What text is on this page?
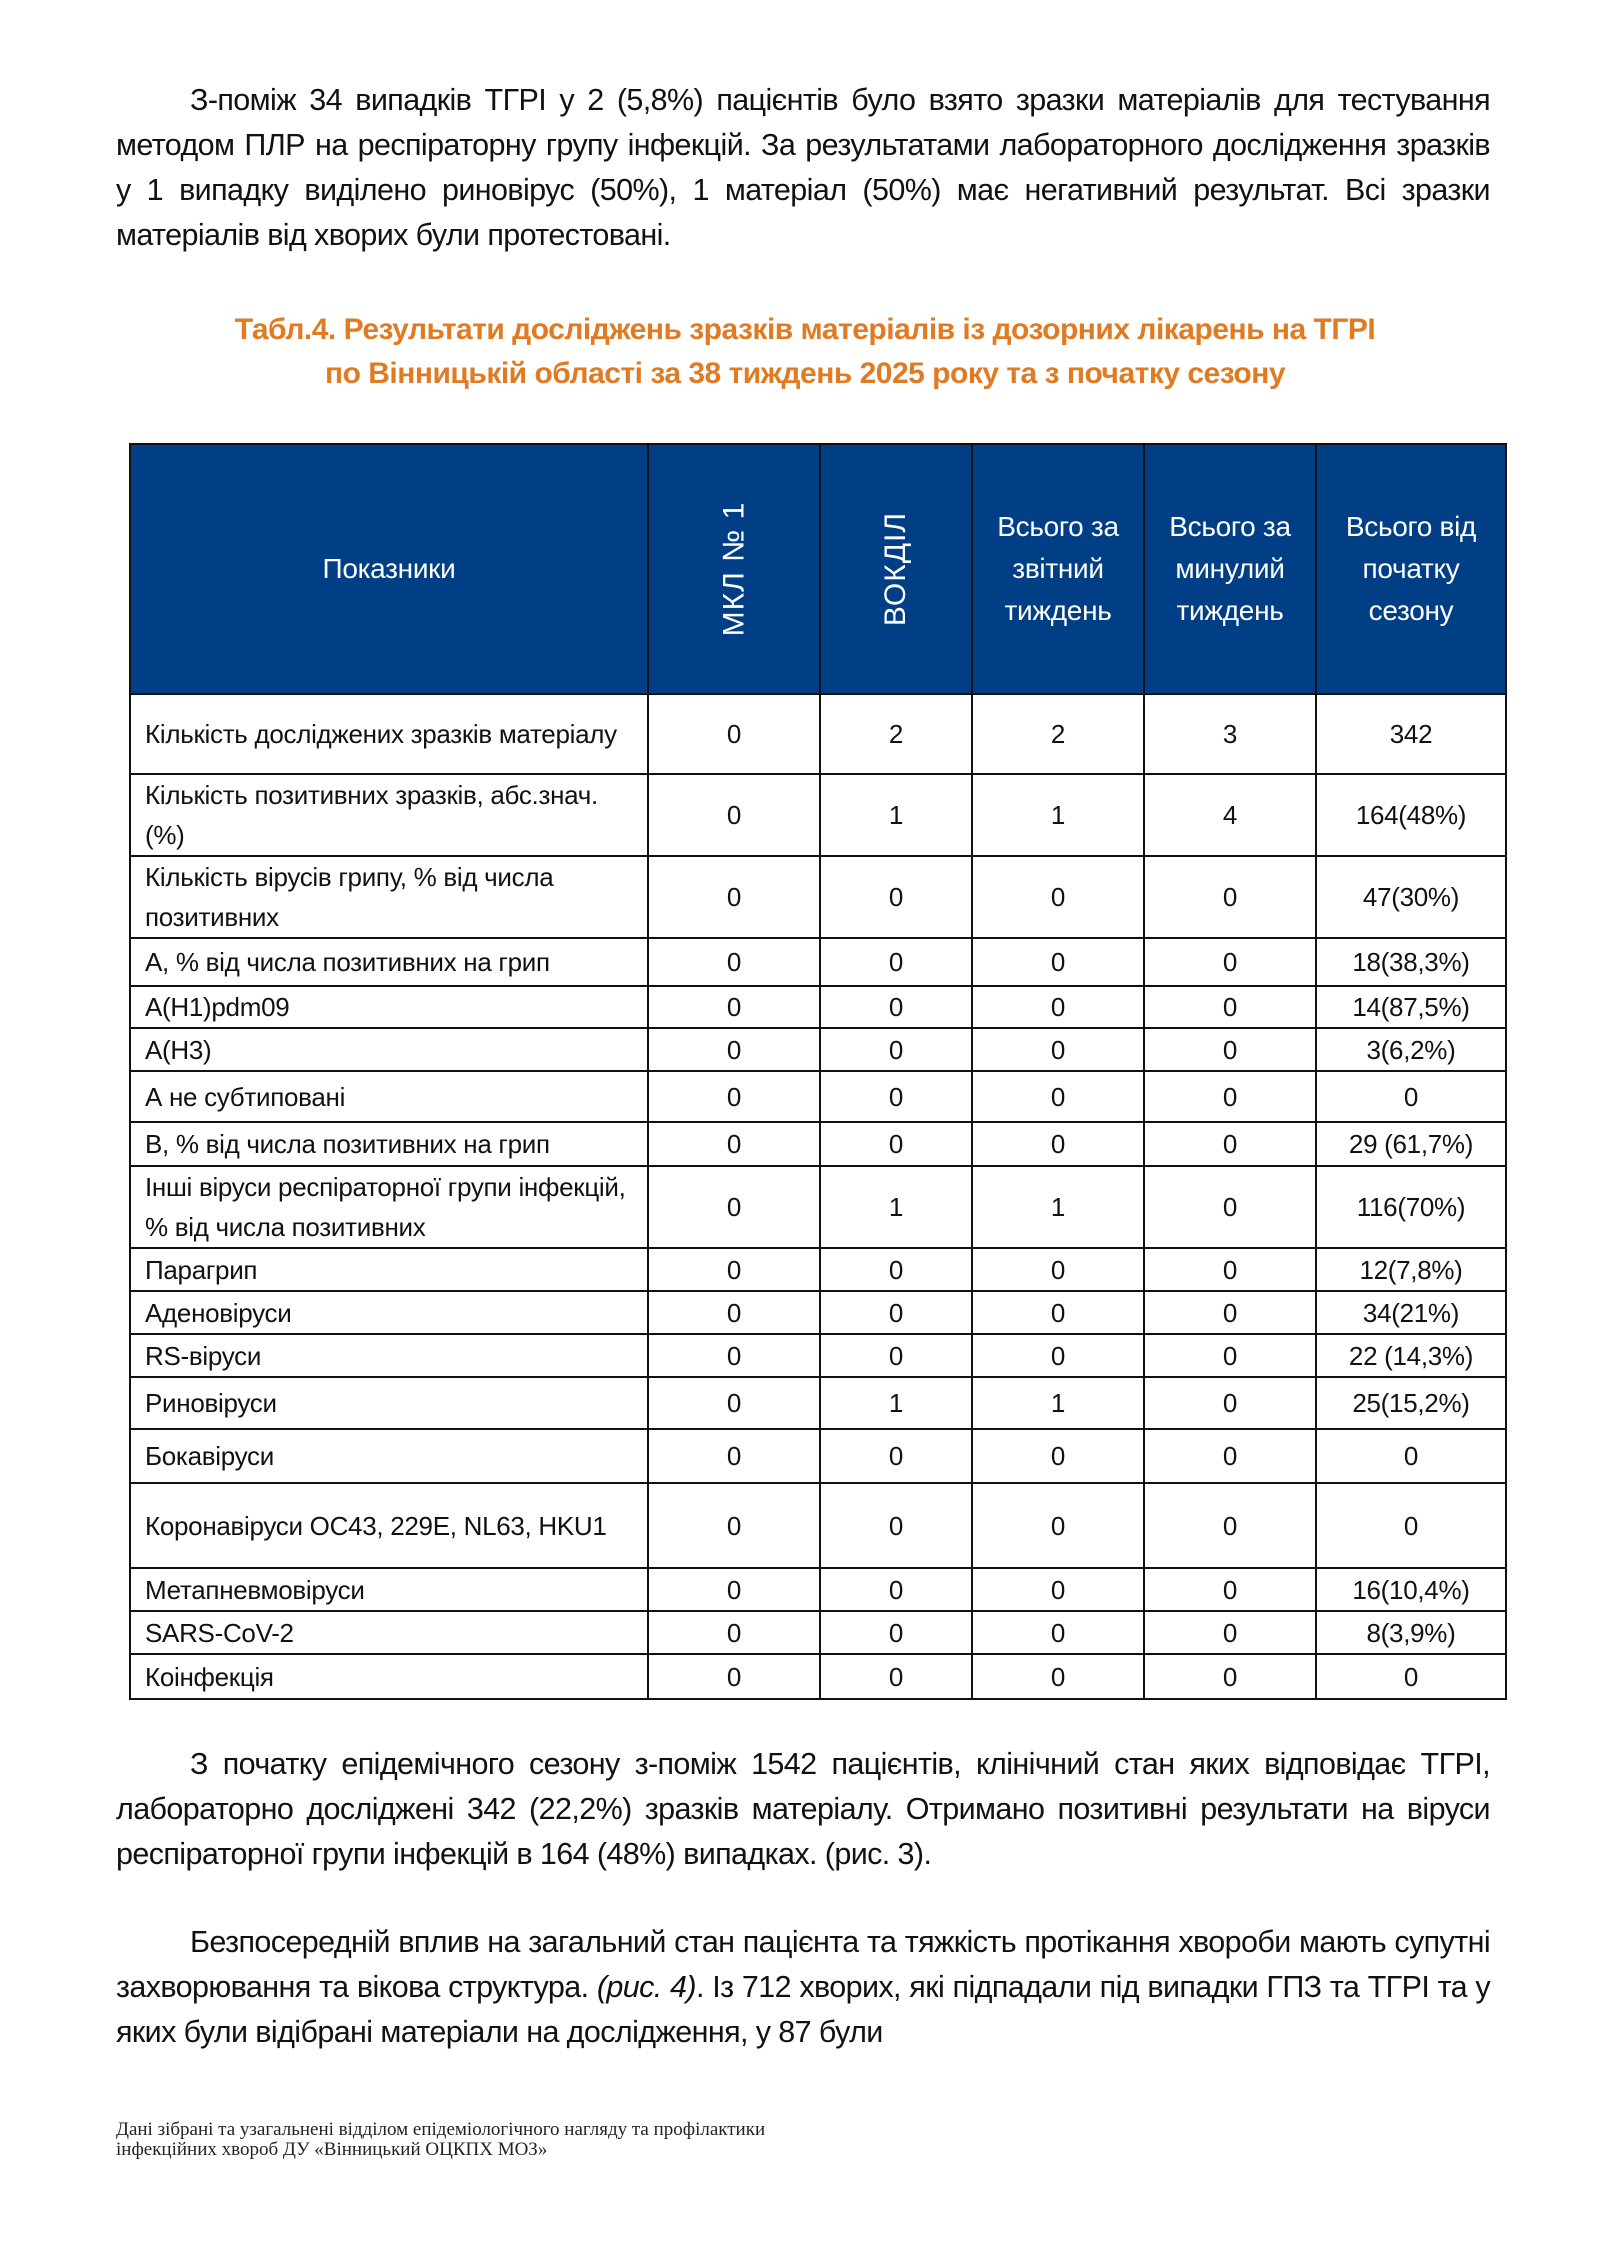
З-поміж 34 випадків ТГРІ у 2 (5,8%) пацієнтів було взято зразки матеріалів для тестування методом ПЛР на респіраторну групу інфекцій. За результатами лабораторного дослідження зразків у 1 випадку виділено риновірус (50%), 1 матеріал (50%) має негативний результат. Всі зразки матеріалів від хворих були протестовані.

Табл.4. Результати досліджень зразків матеріалів із дозорних лікарень на ТГРІ
по Вінницькій області за 38 тиждень 2025 року та з початку сезону
Показники	МКЛ № 1	ВОКДІЛ	Всього за звітний тиждень	Всього за минулий тиждень	Всього від початку сезону
Кількість досліджених зразків матеріалу	0	2	2	3	342
Кількість позитивних зразків, абс.знач. (%)	0	1	1	4	164(48%)
Кількість вірусів грипу, % від числа позитивних	0	0	0	0	47(30%)
А, % від числа позитивних на грип	0	0	0	0	18(38,3%)
A(H1)pdm09	0	0	0	0	14(87,5%)
A(H3)	0	0	0	0	3(6,2%)
А не субтиповані	0	0	0	0	0
В, % від числа позитивних на грип	0	0	0	0	29 (61,7%)
Інші віруси респіраторної групи інфекцій, % від числа позитивних	0	1	1	0	116(70%)
Парагрип	0	0	0	0	12(7,8%)
Аденовіруси	0	0	0	0	34(21%)
RS-віруси	0	0	0	0	22 (14,3%)
Риновіруси	0	1	1	0	25(15,2%)
Бокавіруси	0	0	0	0	0
Коронавіруси ОС43, 229Е, NL63, HKU1	0	0	0	0	0
Метапневмовіруси	0	0	0	0	16(10,4%)
SARS-CoV-2	0	0	0	0	8(3,9%)
Коінфекція	0	0	0	0	0

З початку епідемічного сезону з-поміж 1542 пацієнтів, клінічний стан яких відповідає ТГРІ, лабораторно досліджені 342 (22,2%) зразків матеріалу. Отримано позитивні результати на віруси респіраторної групи інфекцій в 164 (48%) випадках. (рис. 3).

Безпосередній вплив на загальний стан пацієнта та тяжкість протікання хвороби мають супутні захворювання та вікова структура. (рис. 4). Із 712 хворих, які підпадали під випадки ГПЗ та ТГРІ та у яких були відібрані матеріали на дослідження, у 87 були

Дані зібрані та узагальнені відділом епідеміологічного нагляду та профілактики
інфекційних хвороб ДУ «Вінницький ОЦКПХ МОЗ»
